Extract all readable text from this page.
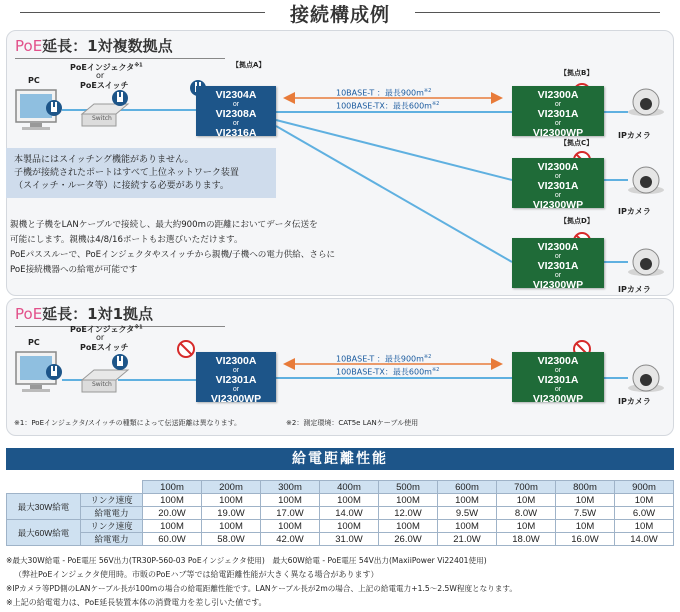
接続構成例
PoE延長：1対複数拠点
PoE延長：1対1拠点
PC
PoEインジェクタ$^{※1}$
or
PoEスイッチ
Switch
【拠点A】
【拠点B】
【拠点C】
【拠点D】
VI2304A
or
VI2308A
or
VI2316A
10BASE-T ：最長$900m^{※2}$
100BASE-TX：最長$600m^{※2}$
VI2300A
or
VI2301A
or
VI2300WP
VI2300A
or
VI2301A
or
VI2300WP
VI2300A
or
VI2301A
or
VI2300WP
IPカメラ
IPカメラ
IPカメラ
本製品にはスイッチング機能がありません。
子機が接続されたポートはすべて上位ネットワーク装置
（スイッチ・ルータ等）に接続する必要があります。
親機と子機をLANケーブルで接続し、最大約900mの距離においてデータ伝送を
可能にします。親機は4/8/16ポートもお選びいただけます。
PoEパススルーで、PoEインジェクタやスイッチから親機/子機への電力供給、さらに
PoE接続機器への給電が可能です
PC
PoEインジェクタ$^{※1}$
or
PoEスイッチ
Switch
VI2300A
or
VI2301A
or
VI2300WP
10BASE-T ：最長$900m^{※2}$
100BASE-TX：最長$600m^{※2}$
VI2300A
or
VI2301A
or
VI2300WP	IPカメラ
※1：PoEインジェクタ/スイッチの種類によって伝送距離は異なります。	※2：測定環境：CAT5e LANケーブル使用
給電距離性能
		100m	200m	300m	400m	500m	600m	700m	800m	900m
最大30W給電	リンク速度	100M	100M	100M	100M	100M	100M	10M	10M	10M
	給電電力	20.0W	19.0W	17.0W	14.0W	12.0W	9.5W	8.0W	7.5W	6.0W
最大60W給電	リンク速度	100M	100M	100M	100M	100M	100M	10M	10M	10M
	給電電力	60.0W	58.0W	42.0W	31.0W	26.0W	21.0W	18.0W	16.0W	14.0W
※最大30W給電 - PoE電圧 56V出力(TR30P-560-03 PoEインジェクタ使用)　最大60W給電 - PoE電圧 54V出力(MaxiiPower Vi22401使用)
（弊社PoEインジェクタ使用時。市販のPoEハブ等では給電距離性能が大きく異なる場合があります）
※IPカメラ等PD側のLANケーブル長が100mの場合の給電距離性能です。LANケーブル長が2mの場合、上記の給電電力+1.5～2.5W程度となります。
※上記の給電電力は、PoE延長装置本体の消費電力を差し引いた値です。
